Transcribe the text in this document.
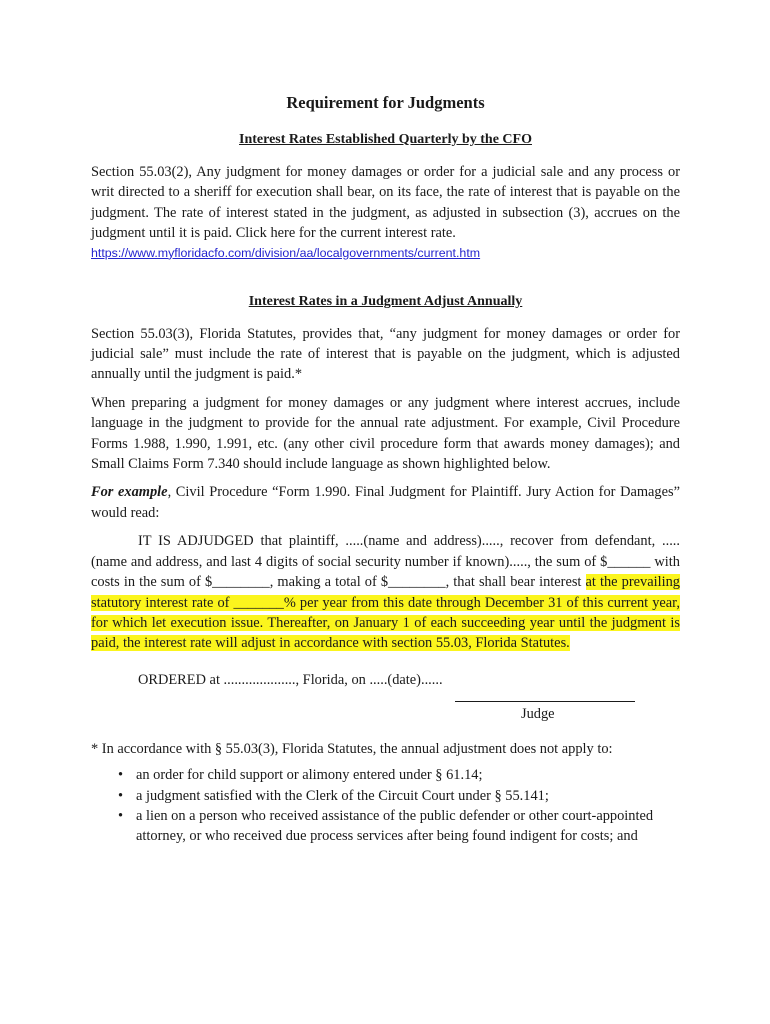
Requirement for Judgments
Interest Rates Established Quarterly by the CFO

Section 55.03(2), Any judgment for money damages or order for a judicial sale and any process or writ directed to a sheriff for execution shall bear, on its face, the rate of interest that is payable on the judgment. The rate of interest stated in the judgment, as adjusted in subsection (3), accrues on the judgment until it is paid. Click here for the current interest rate.
https://www.myfloridacfo.com/division/aa/localgovernments/current.htm

Interest Rates in a Judgment Adjust Annually

Section 55.03(3), Florida Statutes, provides that, “any judgment for money damages or order for judicial sale” must include the rate of interest that is payable on the judgment, which is adjusted annually until the judgment is paid.*

When preparing a judgment for money damages or any judgment where interest accrues, include language in the judgment to provide for the annual rate adjustment. For example, Civil Procedure Forms 1.988, 1.990, 1.991, etc. (any other civil procedure form that awards money damages); and Small Claims Form 7.340 should include language as shown highlighted below.

For example, Civil Procedure “Form 1.990. Final Judgment for Plaintiff. Jury Action for Damages” would read:

IT IS ADJUDGED that plaintiff, .....(name and address)....., recover from defendant, .....(name and address, and last 4 digits of social security number if known)....., the sum of $______ with costs in the sum of $________, making a total of $________, that shall bear interest at the prevailing statutory interest rate of _______% per year from this date through December 31 of this current year, for which let execution issue. Thereafter, on January 1 of each succeeding year until the judgment is paid, the interest rate will adjust in accordance with section 55.03, Florida Statutes.

ORDERED at ...................., Florida, on .....(date)......
Judge

* In accordance with § 55.03(3), Florida Statutes, the annual adjustment does not apply to:

• an order for child support or alimony entered under § 61.14;
• a judgment satisfied with the Clerk of the Circuit Court under § 55.141;
• a lien on a person who received assistance of the public defender or other court-appointed attorney, or who received due process services after being found indigent for costs; and
